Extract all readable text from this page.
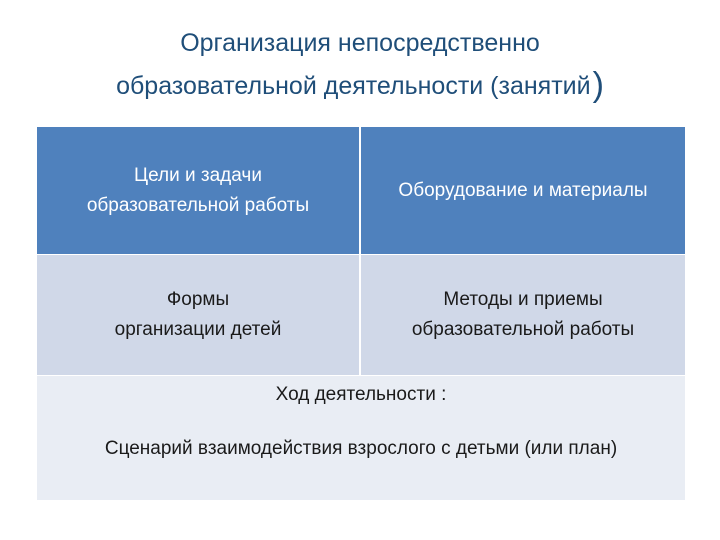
Организация непосредственно
образовательной деятельности (занятий)
Цели и задачи
образовательной работы
Оборудование и материалы
Формы
организации детей
Методы и приемы
образовательной работы
Ход деятельности :
Сценарий взаимодействия взрослого с детьми (или план)
